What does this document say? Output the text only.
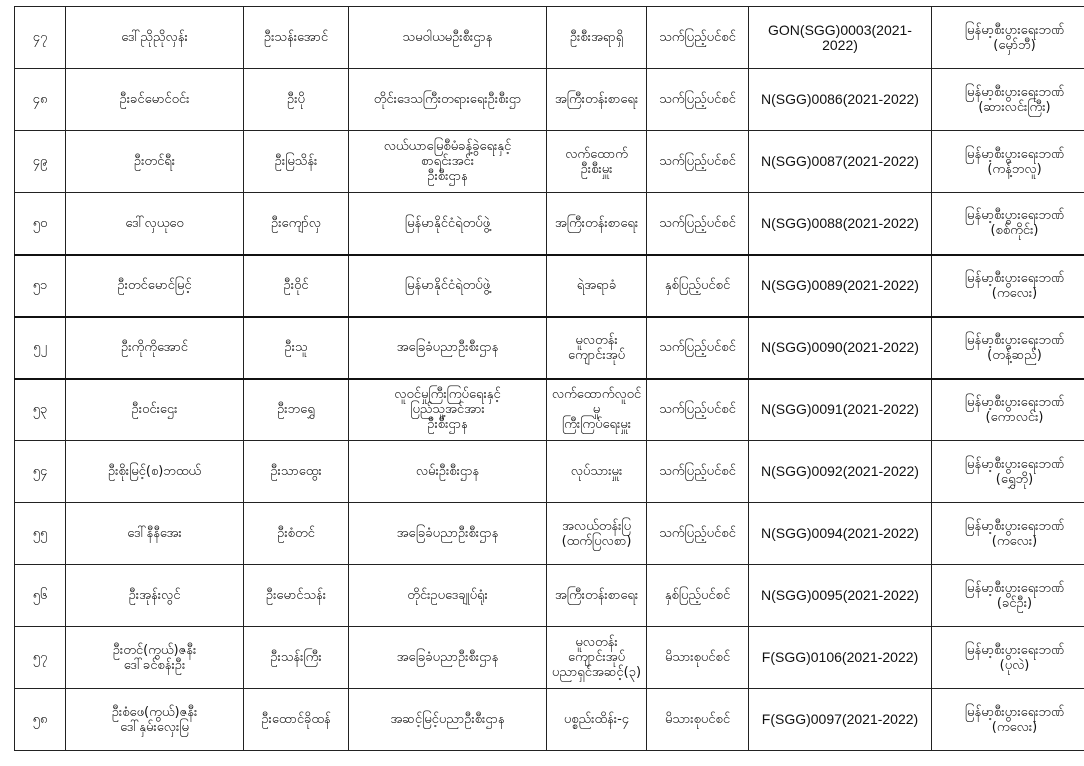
၄၇	ဒေါ်ညိုညိုလှန်း	ဦးသန်းအောင်	သမဝါယမဦးစီးဌာန	ဦးစီးအရာရှိ	သက်ပြည့်ပင်စင်	GON(SGG)0003(2021-2022)	မြန်မာ့စီးပွားရေးဘဏ်
(မှော်ဘီ)
၄၈	ဦးခင်မောင်ဝင်း	ဦးပို	တိုင်းဒေသကြီးတရားရေးဦးစီးဌာ	အကြီးတန်းစာရေး	သက်ပြည့်ပင်စင်	N(SGG)0086(2021-2022)	မြန်မာ့စီးပွားရေးဘဏ်
(ဆားလင်းကြီး)
၄၉	ဦးတင်ရီး	ဦးမြသိန်း	လယ်ယာမြေစီမံခန့်ခွဲရေးနှင့်
စာရင်းအင်း
ဦးစီးဌာန	လက်ထောက်
ဦးစီးမှူး	သက်ပြည့်ပင်စင်	N(SGG)0087(2021-2022)	မြန်မာ့စီးပွားရေးဘဏ်
(ကန့်ဘလူ)
၅၀	ဒေါ်လှယုဝေ	ဦးကျော်လှ	မြန်မာနိုင်ငံရဲတပ်ဖွဲ့	အကြီးတန်းစာရေး	သက်ပြည့်ပင်စင်	N(SGG)0088(2021-2022)	မြန်မာ့စီးပွားရေးဘဏ်
(စစ်ကိုင်း)
၅၁	ဦးတင်မောင်မြင့်	ဦးဝိုင်	မြန်မာနိုင်ငံရဲတပ်ဖွဲ့	ရဲအရာခံ	နှစ်ပြည့်ပင်စင်	N(SGG)0089(2021-2022)	မြန်မာ့စီးပွားရေးဘဏ်
(ကလေး)
၅၂	ဦးကိုကိုအောင်	ဦးသူ	အခြေခံပညာဦးစီးဌာန	မူလတန်း
ကျောင်းအုပ်	သက်ပြည့်ပင်စင်	N(SGG)0090(2021-2022)	မြန်မာ့စီးပွားရေးဘဏ်
(တန့်ဆည်)
၅၃	ဦးဝင်းဌေး	ဦးဘရွှေ	လူဝင်မှုကြီးကြပ်ရေးနှင့်
ပြည်သူ့အင်အား
ဦးစီးဌာန	လက်ထောက်လူဝင်မှု
ကြီးကြပ်ရေးမှူး	သက်ပြည့်ပင်စင်	N(SGG)0091(2021-2022)	မြန်မာ့စီးပွားရေးဘဏ်
(ကောလင်း)
၅၄	ဦးစိုးမြင့်(စ)ဘထယ်	ဦးသာထွေး	လမ်းဦးစီးဌာန	လုပ်သားမှူး	သက်ပြည့်ပင်စင်	N(SGG)0092(2021-2022)	မြန်မာ့စီးပွားရေးဘဏ်
(ရွှေဘို)
၅၅	ဒေါ်နီနီအေး	ဦးစံတင်	အခြေခံပညာဦးစီးဌာန	အလယ်တန်းပြ
(ထက်ပြလစာ)	သက်ပြည့်ပင်စင်	N(SGG)0094(2021-2022)	မြန်မာ့စီးပွားရေးဘဏ်
(ကလေး)
၅၆	ဦးအုန်းလွင်	ဦးမောင်သန်း	တိုင်းဥပဒေချုပ်ရုံး	အကြီးတန်းစာရေး	နှစ်ပြည့်ပင်စင်	N(SGG)0095(2021-2022)	မြန်မာ့စီးပွားရေးဘဏ်
(ခင်ဦး)
၅၇	ဦးတင်(ကွယ်)ဇနီး
ဒေါ်ခင်စန်းဦး	ဦးသန်းကြီး	အခြေခံပညာဦးစီးဌာန	မူလတန်းကျောင်းအုပ်
ပညာရှင်အဆင့်(၃)	မိသားစုပင်စင်	F(SGG)0106(2021-2022)	မြန်မာ့စီးပွားရေးဘဏ်
(ပုလဲ)
၅၈	ဦးစံဖေ(ကွယ်)ဇနီး
ဒေါ်နှမ်းလှေးမြ	ဦးထောင်ခိုထန်	အဆင့်မြင့်ပညာဦးစီးဌာန	ပစ္စည်းထိန်း-၄	မိသားစုပင်စင်	F(SGG)0097(2021-2022)	မြန်မာ့စီးပွားရေးဘဏ်
(ကလေး)
